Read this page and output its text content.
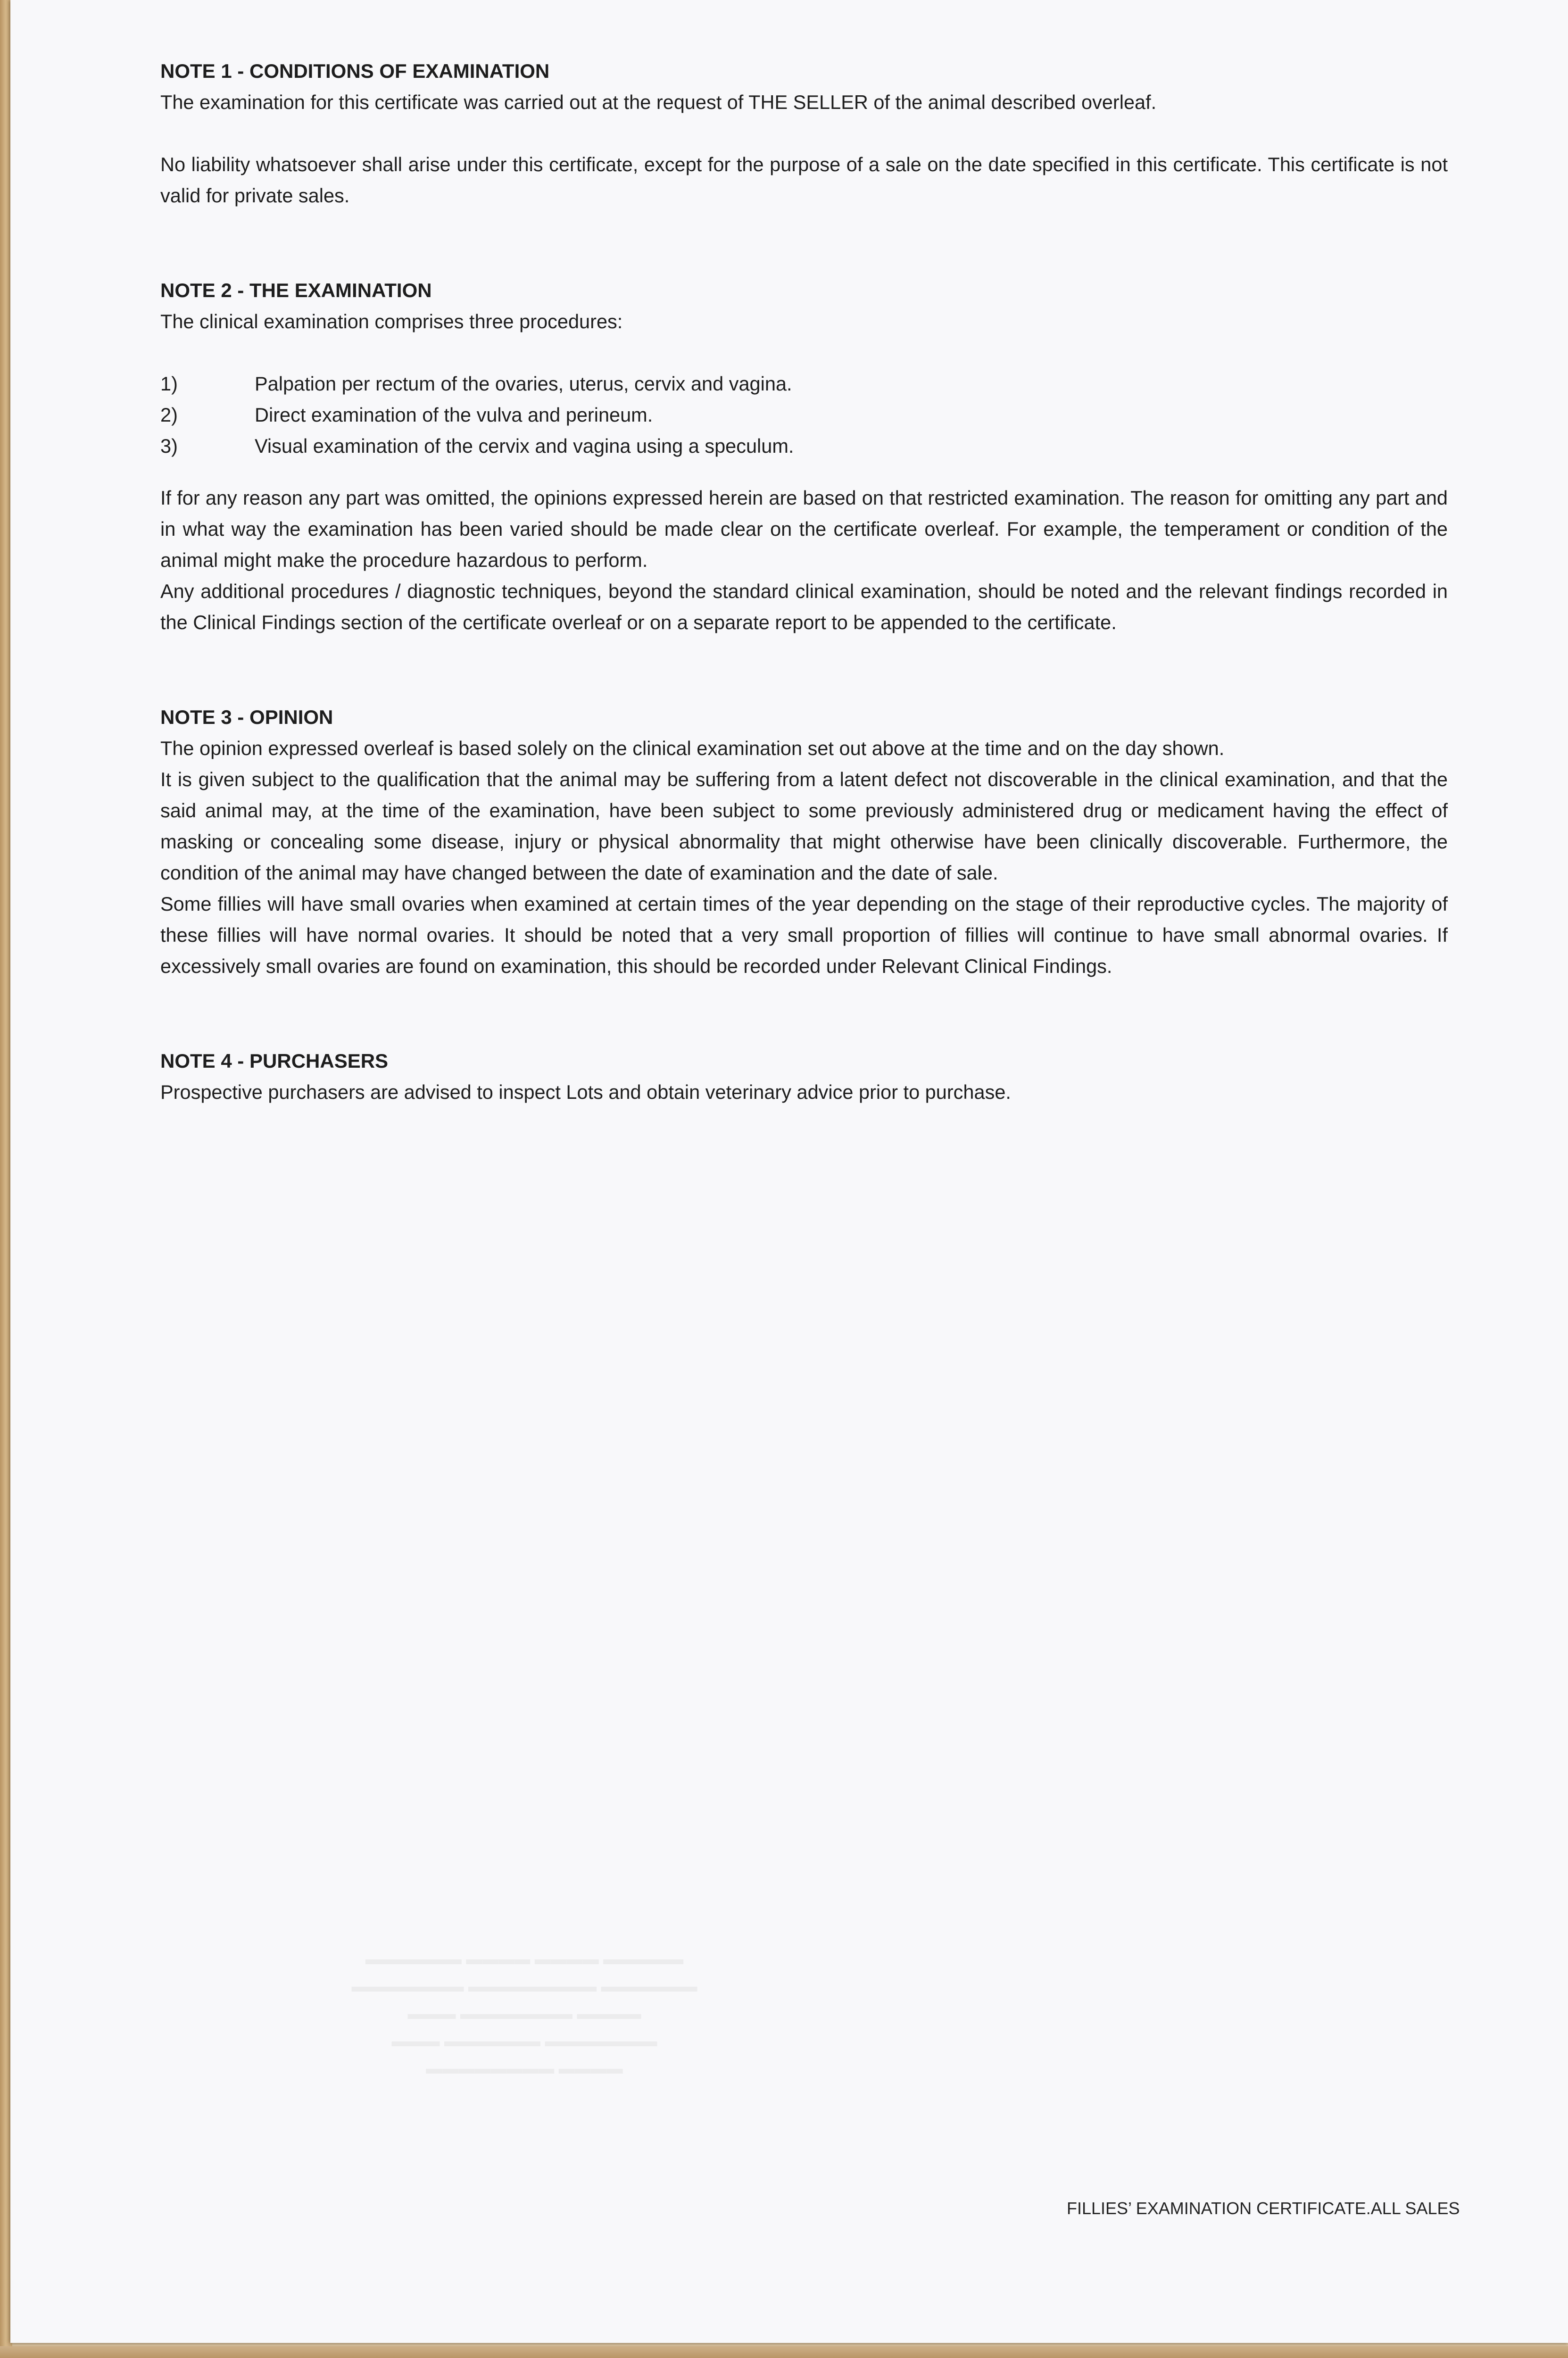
NOTE 1 - CONDITIONS OF EXAMINATION

The examination for this certificate was carried out at the request of THE SELLER of the animal described overleaf.

No liability whatsoever shall arise under this certificate, except for the purpose of a sale on the date specified in this certificate. This certificate is not valid for private sales.

NOTE 2 - THE EXAMINATION

The clinical examination comprises three procedures:

1)	Palpation per rectum of the ovaries, uterus, cervix and vagina.
2)	Direct examination of the vulva and perineum.
3)	Visual examination of the cervix and vagina using a speculum.

If for any reason any part was omitted, the opinions expressed herein are based on that restricted examination. The reason for omitting any part and in what way the examination has been varied should be made clear on the certificate overleaf. For example, the temperament or condition of the animal might make the procedure hazardous to perform.

Any additional procedures / diagnostic techniques, beyond the standard clinical examination, should be noted and the relevant findings recorded in the Clinical Findings section of the certificate overleaf or on a separate report to be appended to the certificate.

NOTE 3 - OPINION

The opinion expressed overleaf is based solely on the clinical examination set out above at the time and on the day shown.

It is given subject to the qualification that the animal may be suffering from a latent defect not discoverable in the clinical examination, and that the said animal may, at the time of the examination, have been subject to some previously administered drug or medicament having the effect of masking or concealing some disease, injury or physical abnormality that might otherwise have been clinically discoverable. Furthermore, the condition of the animal may have changed between the date of examination and the date of sale.

Some fillies will have small ovaries when examined at certain times of the year depending on the stage of their reproductive cycles. The majority of these fillies will have normal ovaries. It should be noted that a very small proportion of fillies will continue to have small abnormal ovaries. If excessively small ovaries are found on examination, this should be recorded under Relevant Clinical Findings.

NOTE 4 - PURCHASERS

Prospective purchasers are advised to inspect Lots and obtain veterinary advice prior to purchase.

▬▬▬▬▬ ▬▬▬▬ ▬▬▬▬ ▬▬▬▬▬▬
▬▬▬▬▬▬ ▬▬▬▬▬▬▬▬ ▬▬▬▬▬▬▬
▬▬▬▬ ▬▬▬▬▬▬▬ ▬▬▬
▬▬▬▬▬▬▬ ▬▬▬▬▬▬ ▬▬▬
▬▬▬▬ ▬▬▬▬▬▬▬▬
FILLIES’ EXAMINATION CERTIFICATE.ALL SALES
